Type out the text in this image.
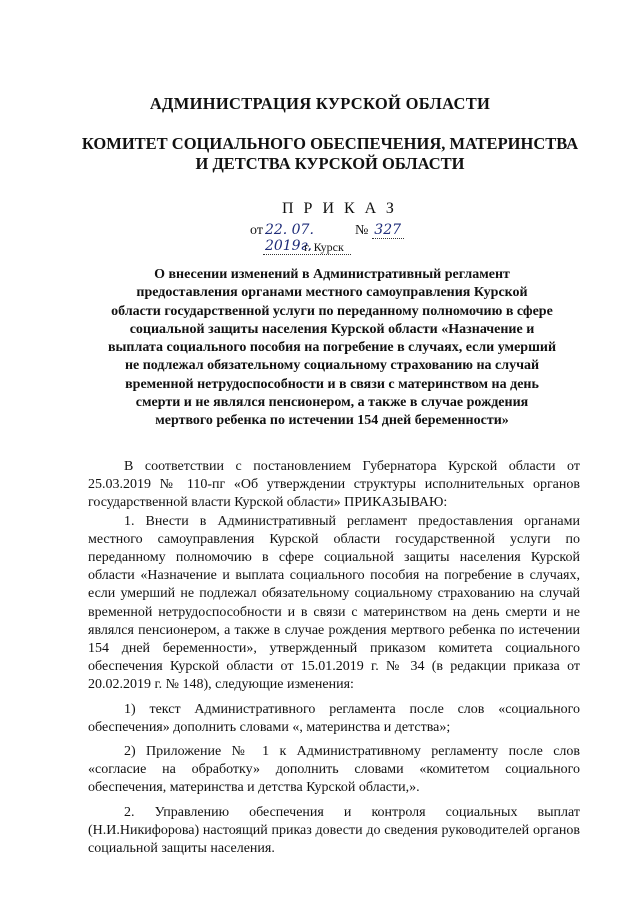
АДМИНИСТРАЦИЯ КУРСКОЙ ОБЛАСТИ
КОМИТЕТ СОЦИАЛЬНОГО ОБЕСПЕЧЕНИЯ, МАТЕРИНСТВА
И ДЕТСТВА КУРСКОЙ ОБЛАСТИ
ПРИКАЗ
от 22. 07. 2019г.
№ 327
г. Курск
О внесении изменений в Административный регламент
предоставления органами местного самоуправления Курской
области государственной услуги по переданному полномочию в сфере
социальной защиты населения Курской области «Назначение и
выплата социального пособия на погребение в случаях, если умерший
не подлежал обязательному социальному страхованию на случай
временной нетрудоспособности и в связи с материнством на день
смерти и не являлся пенсионером, а также в случае рождения
мертвого ребенка по истечении 154 дней беременности»

В соответствии с постановлением Губернатора Курской области от 25.03.2019 № 110-пг «Об утверждении структуры исполнительных органов государственной власти Курской области» ПРИКАЗЫВАЮ:

1. Внести в Административный регламент предоставления органами местного самоуправления Курской области государственной услуги по переданному полномочию в сфере социальной защиты населения Курской области «Назначение и выплата социального пособия на погребение в случаях, если умерший не подлежал обязательному социальному страхованию на случай временной нетрудоспособности и в связи с материнством на день смерти и не являлся пенсионером, а также в случае рождения мертвого ребенка по истечении 154 дней беременности», утвержденный приказом комитета социального обеспечения Курской области от 15.01.2019 г. № 34 (в редакции приказа от 20.02.2019 г. № 148), следующие изменения:

1) текст Административного регламента после слов «социального обеспечения» дополнить словами «, материнства и детства»;

2) Приложение № 1 к Административному регламенту после слов «согласие на обработку» дополнить словами «комитетом социального обеспечения, материнства и детства Курской области,».

2. Управлению обеспечения и контроля социальных выплат (Н.И.Никифорова) настоящий приказ довести до сведения руководителей органов социальной защиты населения.
